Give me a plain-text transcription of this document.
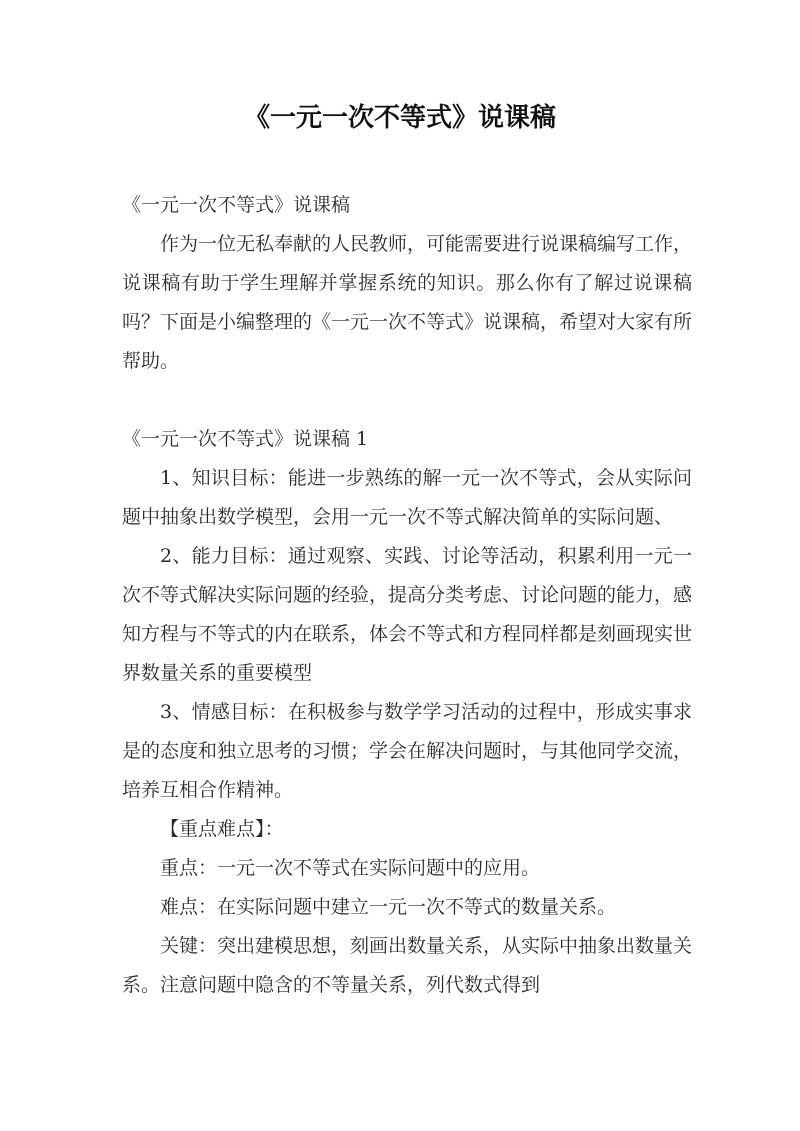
《一元一次不等式》说课稿

《一元一次不等式》说课稿

作为一位无私奉献的人民教师，可能需要进行说课稿编写工作，说课稿有助于学生理解并掌握系统的知识。那么你有了解过说课稿吗？下面是小编整理的《一元一次不等式》说课稿，希望对大家有所帮助。

《一元一次不等式》说课稿 1

1、知识目标：能进一步熟练的解一元一次不等式，会从实际问题中抽象出数学模型，会用一元一次不等式解决简单的实际问题、

2、能力目标：通过观察、实践、讨论等活动，积累利用一元一次不等式解决实际问题的经验，提高分类考虑、讨论问题的能力，感知方程与不等式的内在联系，体会不等式和方程同样都是刻画现实世界数量关系的重要模型

3、情感目标：在积极参与数学学习活动的过程中，形成实事求是的态度和独立思考的习惯；学会在解决问题时，与其他同学交流，培养互相合作精神。

【重点难点】：

重点：一元一次不等式在实际问题中的应用。

难点：在实际问题中建立一元一次不等式的数量关系。

关键：突出建模思想，刻画出数量关系，从实际中抽象出数量关系。注意问题中隐含的不等量关系，列代数式得到
